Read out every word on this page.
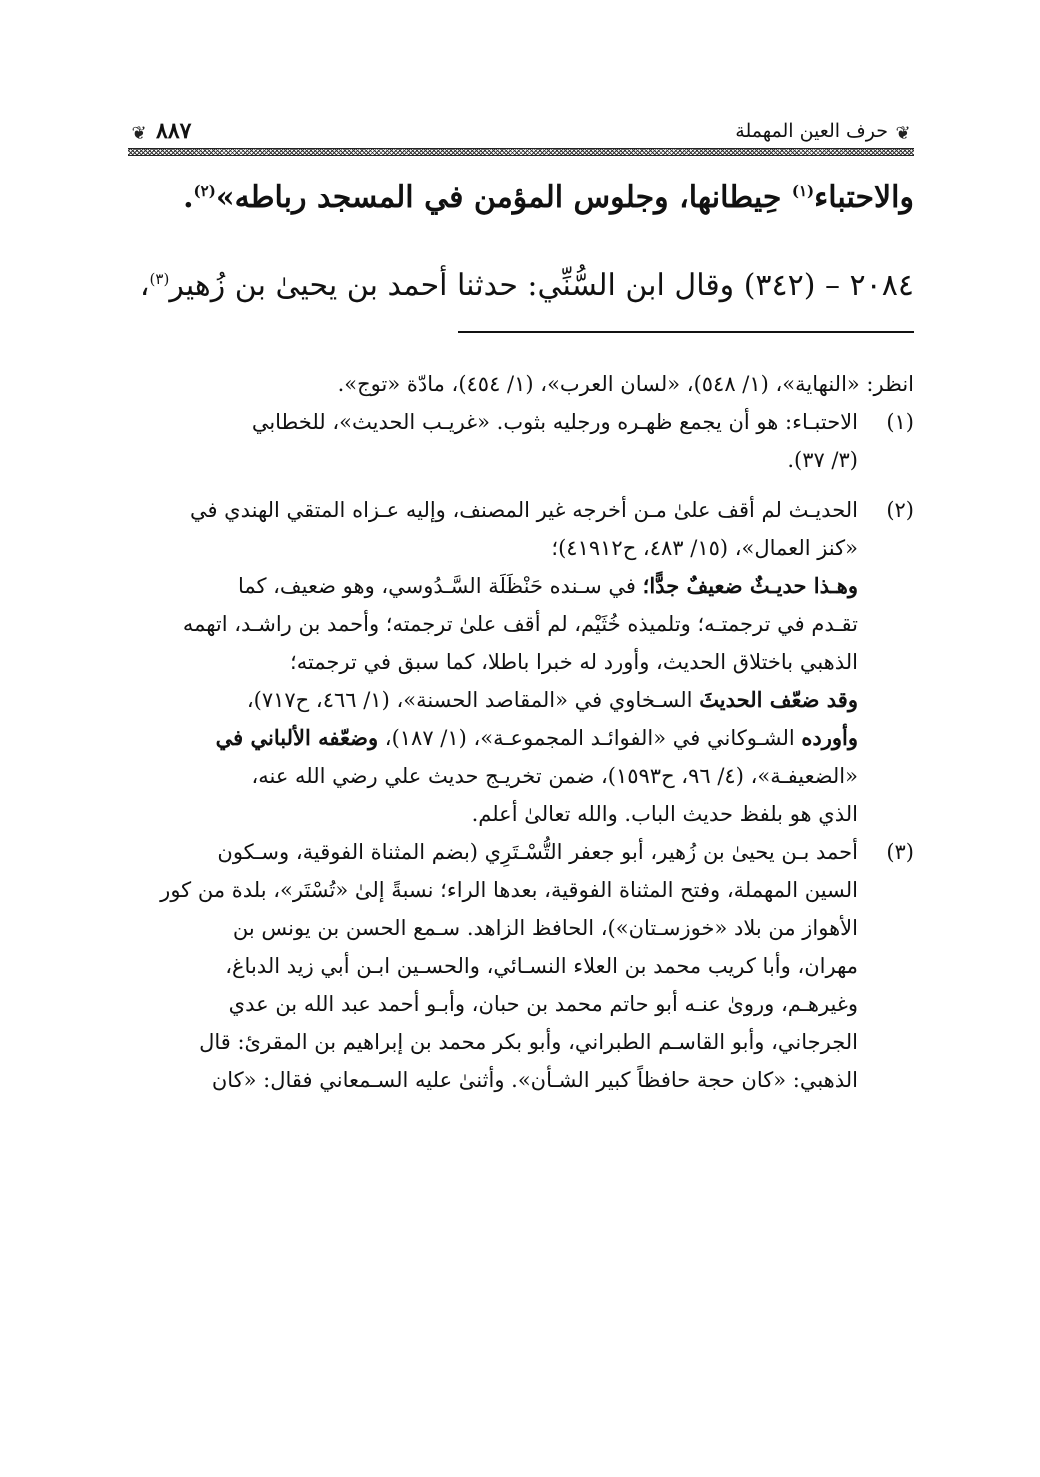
❦
حرف العين المهملة
٨٨٧
❦
والاحتباء$^{(١)}$ حِيطانها، وجلوس المؤمن في المسجد رباطه»$^{(٢)}$.
٢٠٨٤ – (٣٤٢) وقال ابن السُّنِّي: حدثنا أحمد بن يحيىٰ بن زُهير$^{(٣)}$،
انظر: «النهاية»، (١/ ٥٤٨)، «لسان العرب»، (١/ ٤٥٤)، مادّة «توج».
(١)
الاحتبـاء: هو أن يجمع ظهـره ورجليه بثوب. «غريـب الحديث»، للخطابي
(٣/ ٣٧).
(٢)
الحديـث لم أقف علىٰ مـن أخرجه غير المصنف، وإليه عـزاه المتقي الهندي في
«كنز العمال»، (١٥/ ٤٨٣، ح٤١٩١٢)؛
وهـذا حديـثٌ ضعيفٌ جدًّا؛ في سـنده حَنْظَلَة السَّـدُوسي، وهو ضعيف، كما
تقـدم في ترجمتـه؛ وتلميذه خُثَيْم، لم أقف علىٰ ترجمته؛ وأحمد بن راشـد، اتهمه
الذهبي باختلاق الحديث، وأورد له خبرا باطلا، كما سبق في ترجمته؛
وقد ضعّف الحديثَ السـخاوي في «المقاصد الحسنة»، (١/ ٤٦٦، ح٧١٧)،
وأورده الشـوكاني في «الفوائـد المجموعـة»، (١/ ١٨٧)، وضعّفه الألباني في
«الضعيفـة»، (٤/ ٩٦، ح١٥٩٣)، ضمن تخريـج حديث علي رضي الله عنه،
الذي هو بلفظ حديث الباب. والله تعالىٰ أعلم.
(٣)
أحمد بـن يحيىٰ بن زُهير، أبو جعفر التُّسْـتَرِي (بضم المثناة الفوقية، وسـكون
السين المهملة، وفتح المثناة الفوقية، بعدها الراء؛ نسبةً إلىٰ «تُسْتَر»، بلدة من كور
الأهواز من بلاد «خوزسـتان»)، الحافظ الزاهد. سـمع الحسن بن يونس بن
مهران، وأبا كريب محمد بن العلاء النسـائي، والحسـين ابـن أبي زيد الدباغ،
وغيرهـم، وروىٰ عنـه أبو حاتم محمد بن حبان، وأبـو أحمد عبد الله بن عدي
الجرجاني، وأبو القاسـم الطبراني، وأبو بكر محمد بن إبراهيم بن المقرئ: قال
الذهبي: «كان حجة حافظاً كبير الشـأن». وأثنىٰ عليه السـمعاني فقال: «كان
